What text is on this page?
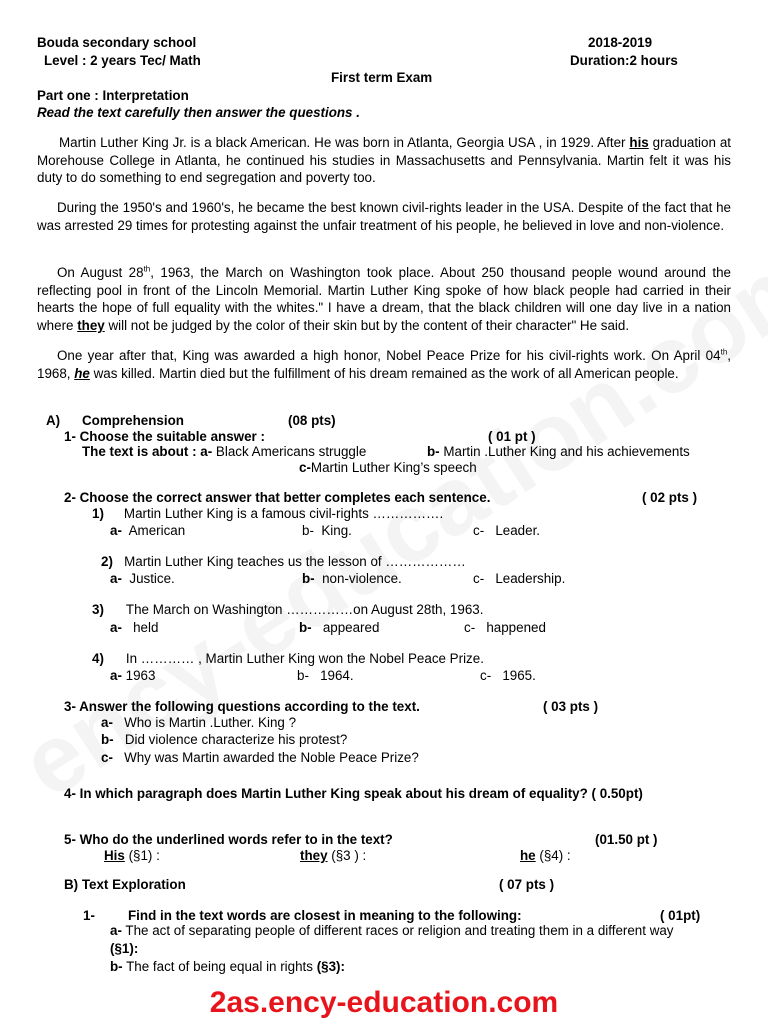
Bouda secondary school	2018-2019
Level : 2 years Tec/ Math	Duration:2 hours
First term Exam
Part one : Interpretation
Read the text carefully then answer the questions .
Martin Luther King Jr. is a black American. He was born in Atlanta, Georgia USA , in 1929. After his graduation at Morehouse College in Atlanta, he continued his studies in Massachusetts and Pennsylvania. Martin felt it was his duty to do something to end segregation and poverty too.
During the 1950's and 1960's, he became the best known civil-rights leader in the USA. Despite of the fact that he was arrested 29 times for protesting against the unfair treatment of his people, he believed in love and non-violence.
On August 28th, 1963, the March on Washington took place. About 250 thousand people wound around the reflecting pool in front of the Lincoln Memorial. Martin Luther King spoke of how black people had carried in their hearts the hope of full equality with the whites." I have a dream, that the black children will one day live in a nation where they will not be judged by the color of their skin but by the content of their character" He said.
One year after that, King was awarded a high honor, Nobel Peace Prize for his civil-rights work. On April 04th, 1968, he was killed. Martin died but the fulfillment of his dream remained as the work of all American people.
A) Comprehension	(08 pts)
1- Choose the suitable answer :	( 01 pt )
The text is about : a- Black Americans struggle	b- Martin .Luther King and his achievements
c-Martin Luther King’s speech
2- Choose the correct answer that better completes each sentence.	( 02 pts )
1) Martin Luther King is a famous civil-rights …………….
a- American	b- King.	c- Leader.
2) Martin Luther King teaches us the lesson of ………………
a- Justice.	b- non-violence.	c- Leadership.
3) The March on Washington ……………on August 28th, 1963.
a- held	b- appeared	c- happened
4) In ………… , Martin Luther King won the Nobel Peace Prize.
a- 1963	b- 1964.	c- 1965.
3- Answer the following questions according to the text.	( 03 pts )
a- Who is Martin .Luther. King ?
b- Did violence characterize his protest?
c- Why was Martin awarded the Noble Peace Prize?
4- In which paragraph does Martin Luther King speak about his dream of equality? ( 0.50pt)
5- Who do the underlined words refer to in the text?	(01.50 pt )
His (§1) :	they (§3 ) :	he (§4) :
B) Text Exploration	( 07 pts )
1- Find in the text words are closest in meaning to the following:	( 01pt)
a- The act of separating people of different races or religion and treating them in a different way
(§1):
b- The fact of being equal in rights (§3):
2as.ency-education.com
